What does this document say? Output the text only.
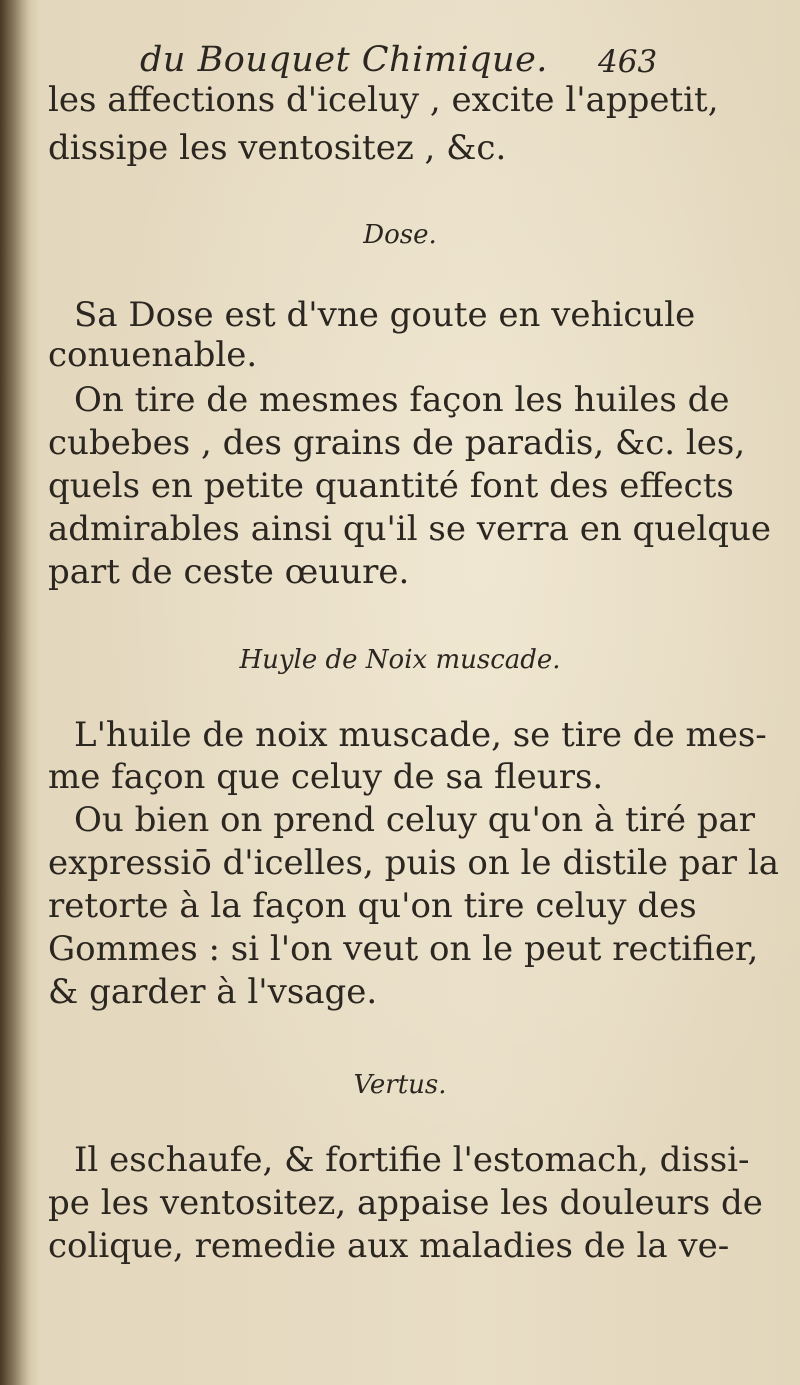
du Bouquet Chimique. 463
les affections d'iceluy , excite l'appetit,
dissipe les ventositez , &c.
Dose.
Sa Dose est d'vne goute en vehicule
conuenable.
On tire de mesmes façon les huiles de
cubebes , des grains de paradis, &c. les,
quels en petite quantité font des effects
admirables ainsi qu'il se verra en quelque
part de ceste œuure.
Huyle de Noix muscade.
L'huile de noix muscade, se tire de mes-
me façon que celuy de sa fleurs.
Ou bien on prend celuy qu'on à tiré par
expressiō d'icelles, puis on le distile par la
retorte à la façon qu'on tire celuy des
Gommes : si l'on veut on le peut rectifier,
& garder à l'vsage.
Vertus.
Il eschaufe, & fortifie l'estomach, dissi-
pe les ventositez, appaise les douleurs de
colique, remedie aux maladies de la ve-
